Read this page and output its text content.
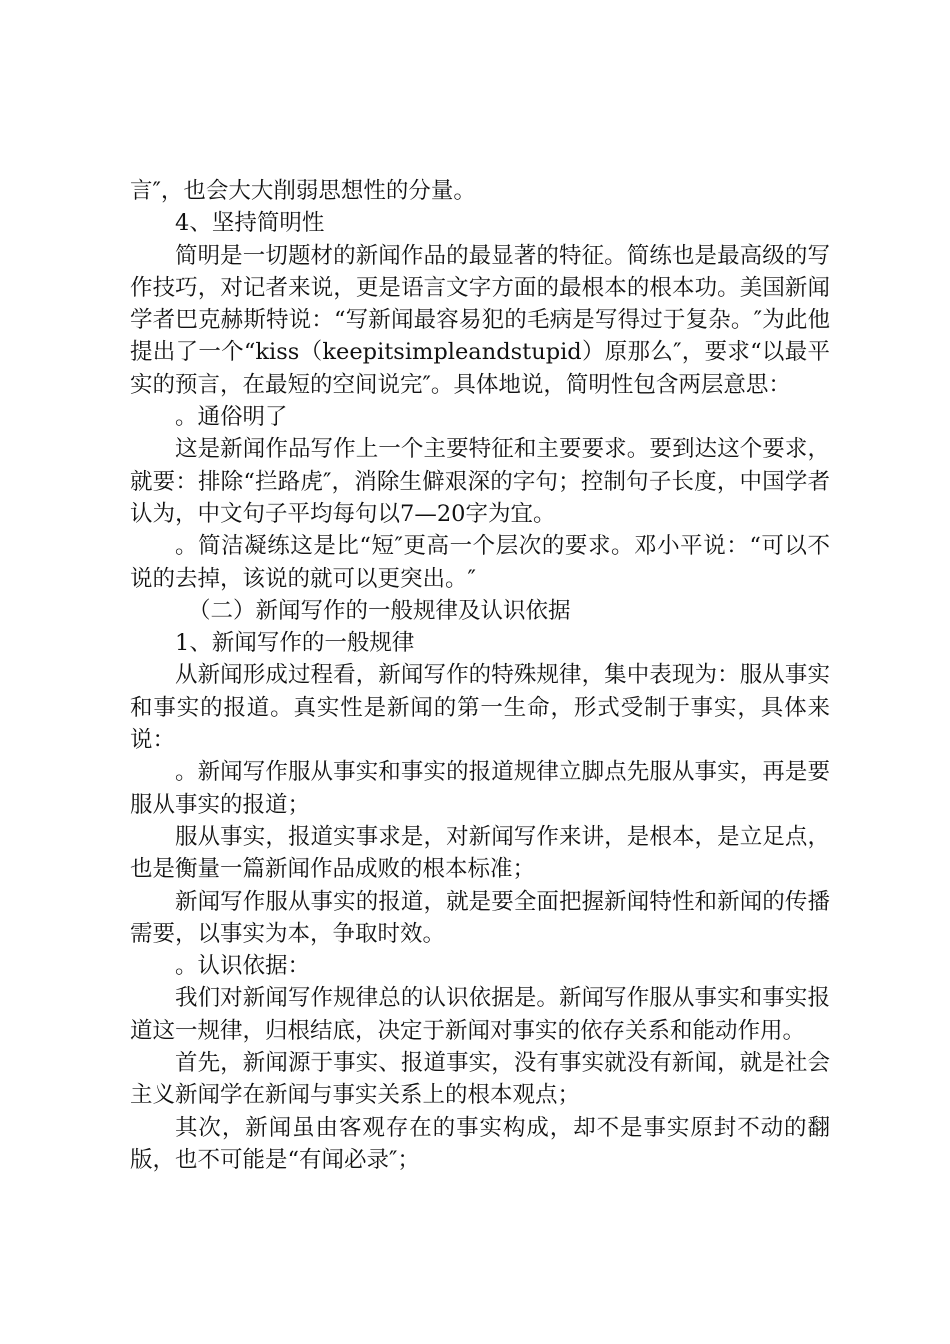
言″，也会大大削弱思想性的分量。

4、坚持简明性

简明是一切题材的新闻作品的最显著的特征。简练也是最高级的写作技巧，对记者来说，更是语言文字方面的最根本的根本功。美国新闻学者巴克赫斯特说：“写新闻最容易犯的毛病是写得过于复杂。″为此他提出了一个“kiss（keepitsimpleandstupid）原那么″，要求“以最平实的预言，在最短的空间说完″。具体地说，简明性包含两层意思：

。通俗明了

这是新闻作品写作上一个主要特征和主要要求。要到达这个要求，就要：排除“拦路虎″，消除生僻艰深的字句；控制句子长度，中国学者认为，中文句子平均每句以7—20字为宜。

。简洁凝练这是比“短″更高一个层次的要求。邓小平说：“可以不说的去掉，该说的就可以更突出。″

（二）新闻写作的一般规律及认识依据

1、新闻写作的一般规律

从新闻形成过程看，新闻写作的特殊规律，集中表现为：服从事实和事实的报道。真实性是新闻的第一生命，形式受制于事实，具体来说：

。新闻写作服从事实和事实的报道规律立脚点先服从事实，再是要服从事实的报道；

服从事实，报道实事求是，对新闻写作来讲，是根本，是立足点，也是衡量一篇新闻作品成败的根本标准；

新闻写作服从事实的报道，就是要全面把握新闻特性和新闻的传播需要，以事实为本，争取时效。

。认识依据：

我们对新闻写作规律总的认识依据是。新闻写作服从事实和事实报道这一规律，归根结底，决定于新闻对事实的依存关系和能动作用。

首先，新闻源于事实、报道事实，没有事实就没有新闻，就是社会主义新闻学在新闻与事实关系上的根本观点；

其次，新闻虽由客观存在的事实构成，却不是事实原封不动的翻版，也不可能是“有闻必录″；
